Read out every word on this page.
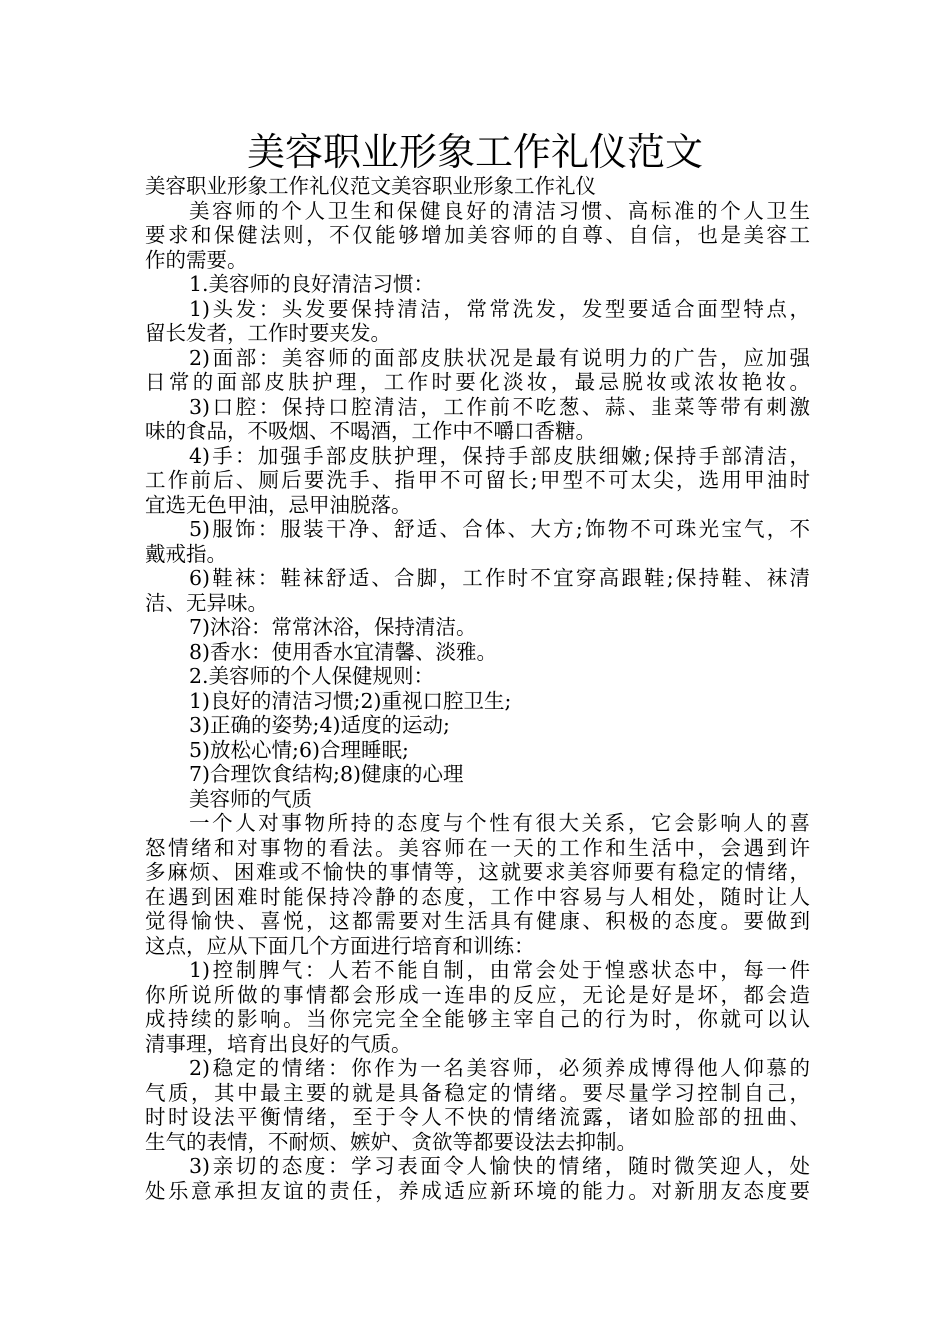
美容职业形象工作礼仪范文
美容职业形象工作礼仪范文美容职业形象工作礼仪
美容师的个人卫生和保健良好的清洁习惯、高标准的个人卫生
要求和保健法则，不仅能够增加美容师的自尊、自信，也是美容工
作的需要。
1.美容师的良好清洁习惯：
1)头发：头发要保持清洁，常常洗发，发型要适合面型特点，
留长发者，工作时要夹发。
2)面部：美容师的面部皮肤状况是最有说明力的广告，应加强
日常的面部皮肤护理，工作时要化淡妆，最忌脱妆或浓妆艳妆。
3)口腔：保持口腔清洁，工作前不吃葱、蒜、韭菜等带有刺激
味的食品，不吸烟、不喝酒，工作中不嚼口香糖。
4)手：加强手部皮肤护理，保持手部皮肤细嫩;保持手部清洁，
工作前后、厕后要洗手、指甲不可留长;甲型不可太尖，选用甲油时
宜选无色甲油，忌甲油脱落。
5)服饰：服装干净、舒适、合体、大方;饰物不可珠光宝气，不
戴戒指。
6)鞋袜：鞋袜舒适、合脚，工作时不宜穿高跟鞋;保持鞋、袜清
洁、无异味。
7)沐浴：常常沐浴，保持清洁。
8)香水：使用香水宜清馨、淡雅。
2.美容师的个人保健规则：
1)良好的清洁习惯;2)重视口腔卫生;
3)正确的姿势;4)适度的运动;
5)放松心情;6)合理睡眠;
7)合理饮食结构;8)健康的心理
美容师的气质
一个人对事物所持的态度与个性有很大关系，它会影响人的喜
怒情绪和对事物的看法。美容师在一天的工作和生活中，会遇到许
多麻烦、困难或不愉快的事情等，这就要求美容师要有稳定的情绪，
在遇到困难时能保持冷静的态度，工作中容易与人相处，随时让人
觉得愉快、喜悦，这都需要对生活具有健康、积极的态度。要做到
这点，应从下面几个方面进行培育和训练：
1)控制脾气：人若不能自制，由常会处于惶惑状态中，每一件
你所说所做的事情都会形成一连串的反应，无论是好是坏，都会造
成持续的影响。当你完完全全能够主宰自己的行为时，你就可以认
清事理，培育出良好的气质。
2)稳定的情绪：你作为一名美容师，必须养成博得他人仰慕的
气质，其中最主要的就是具备稳定的情绪。要尽量学习控制自己，
时时设法平衡情绪，至于令人不快的情绪流露，诸如脸部的扭曲、
生气的表情，不耐烦、嫉妒、贪欲等都要设法去抑制。
3)亲切的态度：学习表面令人愉快的情绪，随时微笑迎人，处
处乐意承担友谊的责任，养成适应新环境的能力。对新朋友态度要
